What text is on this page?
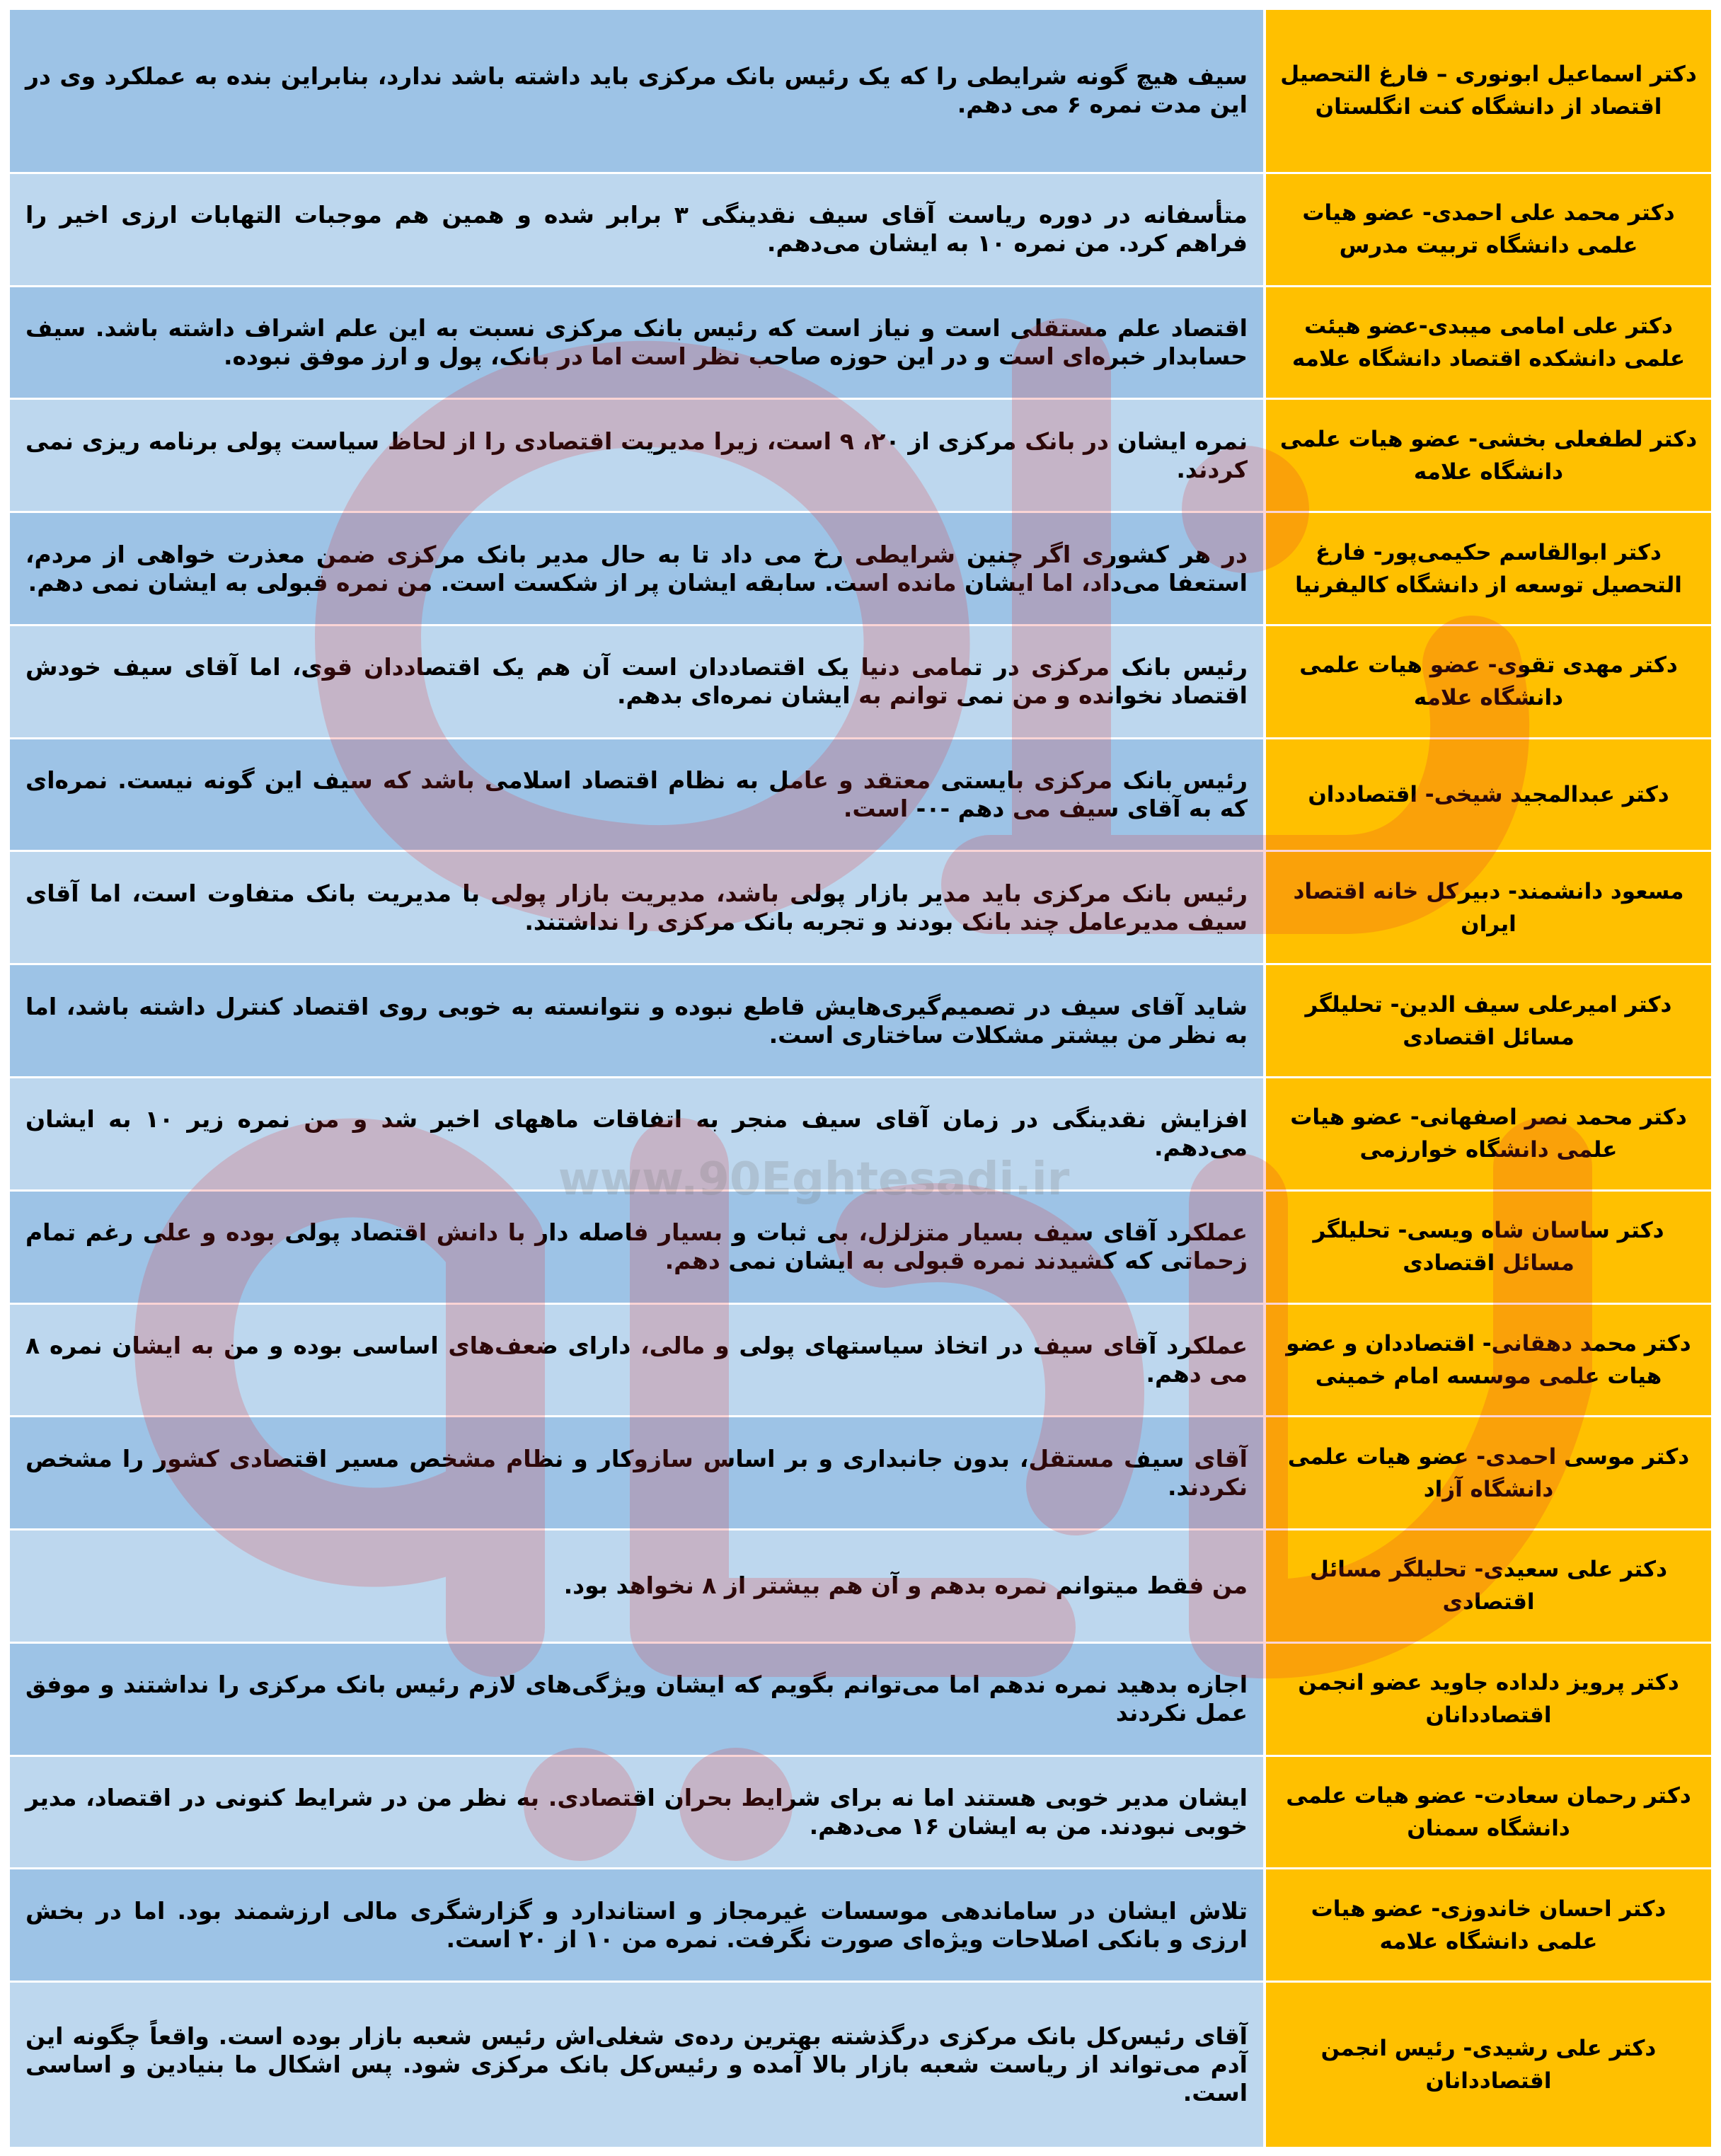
دکتر اسماعیل ابونوری – فارغ التحصیل اقتصاد از دانشگاه کنت انگلستان
سیف هیچ گونه شرایطی را که یک رئیس بانک مرکزی باید داشته باشد ندارد، بنابراین بنده به عملکرد وی در این مدت نمره ۶ می دهم.
دکتر محمد علی احمدی- عضو هیات علمی دانشگاه تربیت مدرس
متأسفانه در دوره ریاست آقای سیف نقدینگی ۳ برابر شده و همین هم موجبات التهابات ارزی اخیر را فراهم کرد. من نمره ۱۰ به ایشان می‌دهم.
دکتر علی امامی میبدی-عضو هیئت علمی دانشکده اقتصاد دانشگاه علامه
اقتصاد علم مستقلی است و نیاز است که رئیس بانک مرکزی نسبت به این علم اشراف داشته باشد. سیف حسابدار خبره‌ای است و در این حوزه صاحب نظر است اما در بانک، پول و ارز موفق نبوده.
دکتر لطفعلی بخشی- عضو هیات علمی دانشگاه علامه
نمره ایشان در بانک مرکزی از ۲۰، ۹ است، زیرا مدیریت اقتصادی را از لحاظ سیاست پولی برنامه ریزی نمی کردند.
دکتر ابوالقاسم حکیمی‌پور- فارغ التحصیل توسعه از دانشگاه کالیفرنیا
در هر کشوری اگر چنین شرایطی رخ می داد تا به حال مدیر بانک مرکزی ضمن معذرت خواهی از مردم، استعفا می‌داد، اما ایشان مانده است. سابقه ایشان پر از شکست است. من نمره قبولی به ایشان نمی دهم.
دکتر مهدی تقوی- عضو هیات علمی دانشگاه علامه
رئیس بانک مرکزی در تمامی دنیا یک اقتصاددان است آن هم یک اقتصاددان قوی، اما آقای سیف خودش اقتصاد نخوانده و من نمی توانم به ایشان نمره‌ای بدهم.
دکتر عبدالمجید شیخی- اقتصاددان
رئیس بانک مرکزی بایستی معتقد و عامل به نظام اقتصاد اسلامی باشد که سیف این گونه نیست. نمره‌ای که به آقای سیف می دهم -۰- است.
مسعود دانشمند- دبیرکل خانه اقتصاد ایران
رئیس بانک مرکزی باید مدیر بازار پولی باشد، مدیریت بازار پولی با مدیریت بانک متفاوت است، اما آقای سیف مدیرعامل چند بانک بودند و تجربه بانک مرکزی را نداشتند.
دکتر امیرعلی سیف الدین- تحلیلگر مسائل اقتصادی
شاید آقای سیف در تصمیم‌گیری‌هایش قاطع نبوده و نتوانسته به خوبی روی اقتصاد کنترل داشته باشد، اما به نظر من بیشتر مشکلات ساختاری است.
دکتر محمد نصر اصفهانی- عضو هیات علمی دانشگاه خوارزمی
افزایش نقدینگی در زمان آقای سیف منجر به اتفاقات ماههای اخیر شد و من نمره زیر ۱۰ به ایشان می‌دهم.
دکتر ساسان شاه ویسی- تحلیلگر مسائل اقتصادی
عملکرد آقای سیف بسیار متزلزل، بی ثبات و بسیار فاصله دار با دانش اقتصاد پولی بوده و علی رغم تمام زحماتی که کشیدند نمره قبولی به ایشان نمی دهم.
دکتر محمد دهقانی- اقتصاددان و عضو هیات علمی موسسه امام خمینی
عملکرد آقای سیف در اتخاذ سیاستهای پولی و مالی، دارای ضعف‌های اساسی بوده و من به ایشان نمره ۸ می دهم.
دکتر موسی احمدی- عضو هیات علمی دانشگاه آزاد
آقای سیف مستقل، بدون جانبداری و بر اساس سازوکار و نظام مشخص مسیر اقتصادی کشور را مشخص نکردند.
دکتر علی سعیدی- تحلیلگر مسائل اقتصادی
من فقط میتوانم نمره بدهم و آن هم بیشتر از ۸ نخواهد بود.
دکتر پرویز دلداده جاوید عضو انجمن اقتصاددانان
اجازه بدهید نمره ندهم اما می‌توانم بگویم که ایشان ویژگی‌های لازم رئیس بانک مرکزی را نداشتند و موفق عمل نکردند
دکتر رحمان سعادت- عضو هیات علمی دانشگاه سمنان
ایشان مدیر خوبی هستند اما نه برای شرایط بحران اقتصادی. به نظر من در شرایط کنونی در اقتصاد، مدیر خوبی نبودند. من به ایشان ۱۶ می‌دهم.
دکتر احسان خاندوزی- عضو هیات علمی دانشگاه علامه
تلاش ایشان در ساماندهی موسسات غیرمجاز و استاندارد و گزارشگری مالی ارزشمند بود. اما در بخش ارزی و بانکی اصلاحات ویژه‌ای صورت نگرفت. نمره من ۱۰ از ۲۰ است.
دکتر علی رشیدی- رئیس انجمن اقتصاددانان
آقای رئیس‌کل بانک مرکزی درگذشته بهترین رده‌ی شغلی‌اش رئیس شعبه بازار بوده است. واقعاً چگونه این آدم می‌تواند از ریاست شعبه بازار بالا آمده و رئیس‌کل بانک مرکزی شود. پس اشکال ما بنیادین و اساسی است.
www.90Eghtesadi.ir
